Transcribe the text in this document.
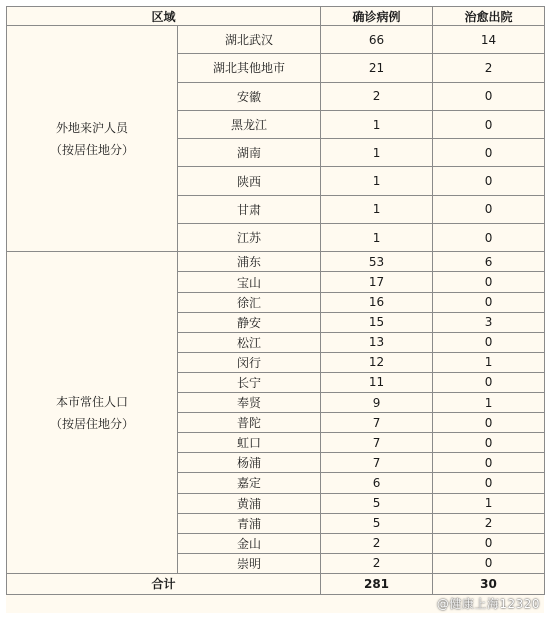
区域		确诊病例	治愈出院

外地来沪人员
（按居住地分）	湖北武汉	66	14
	湖北其他地市	21	2
	安徽	2	0
	黑龙江	1	0
	湖南	1	0
	陕西	1	0
	甘肃	1	0
	江苏	1	0

本市常住人口
（按居住地分）	浦东	53	6
	宝山	17	0
	徐汇	16	0
	静安	15	3
	松江	13	0
	闵行	12	1
	长宁	11	0
	奉贤	9	1
	普陀	7	0
	虹口	7	0
	杨浦	7	0
	嘉定	6	0
	黄浦	5	1
	青浦	5	2
	金山	2	0
	崇明	2	0
合计		281	30
@健康上海12320
